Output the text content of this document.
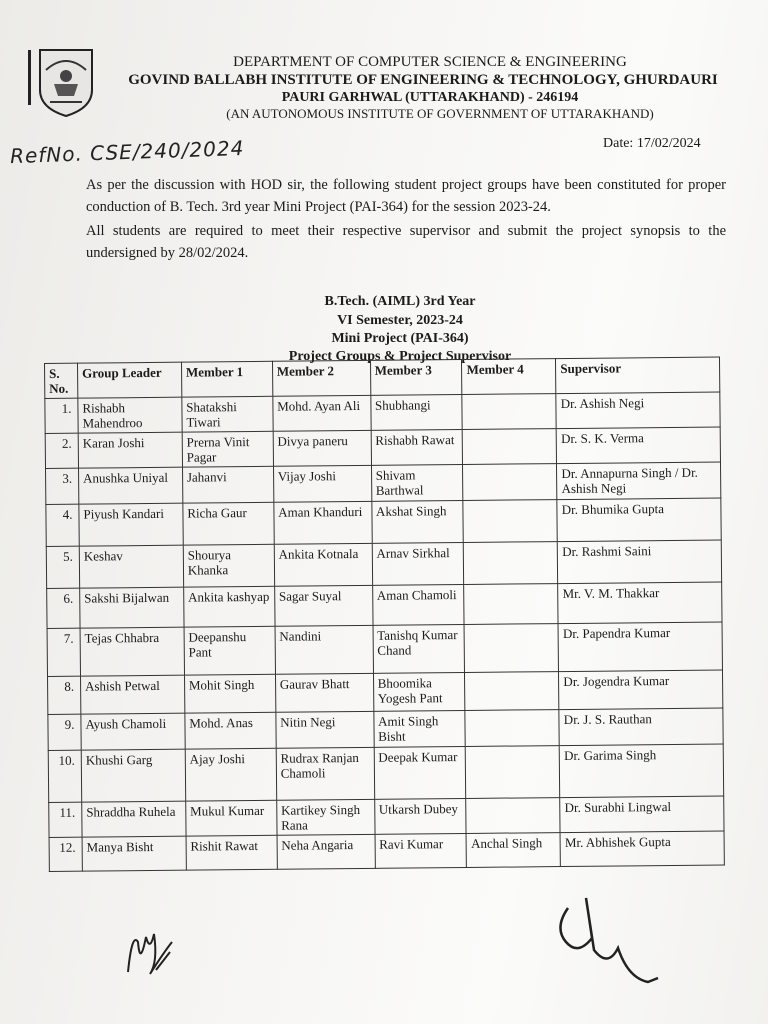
DEPARTMENT OF COMPUTER SCIENCE & ENGINEERING
GOVIND BALLABH INSTITUTE OF ENGINEERING & TECHNOLOGY, GHURDAURI
PAURI GARHWAL (UTTARAKHAND) - 246194
(AN AUTONOMOUS INSTITUTE OF GOVERNMENT OF UTTARAKHAND)
RefNo. CSE/240/2024	Date: 17/02/2024
As per the discussion with HOD sir, the following student project groups have been constituted for proper conduction of B. Tech. 3rd year Mini Project (PAI-364) for the session 2023-24.
All students are required to meet their respective supervisor and submit the project synopsis to the undersigned by 28/02/2024.
B.Tech. (AIML) 3rd Year
VI Semester, 2023-24
Mini Project (PAI-364)
Project Groups & Project Supervisor
S. No.	Group Leader	Member 1	Member 2	Member 3	Member 4	Supervisor
1.	Rishabh Mahendroo	Shatakshi Tiwari	Mohd. Ayan Ali	Shubhangi		Dr. Ashish Negi
2.	Karan Joshi	Prerna Vinit Pagar	Divya paneru	Rishabh Rawat		Dr. S. K. Verma
3.	Anushka Uniyal	Jahanvi	Vijay Joshi	Shivam Barthwal		Dr. Annapurna Singh / Dr. Ashish Negi
4.	Piyush Kandari	Richa Gaur	Aman Khanduri	Akshat Singh		Dr. Bhumika Gupta
5.	Keshav	Shourya Khanka	Ankita Kotnala	Arnav Sirkhal		Dr. Rashmi Saini
6.	Sakshi Bijalwan	Ankita kashyap	Sagar Suyal	Aman Chamoli		Mr. V. M. Thakkar
7.	Tejas Chhabra	Deepanshu Pant	Nandini	Tanishq Kumar Chand		Dr. Papendra Kumar
8.	Ashish Petwal	Mohit Singh	Gaurav Bhatt	Bhoomika Yogesh Pant		Dr. Jogendra Kumar
9.	Ayush Chamoli	Mohd. Anas	Nitin Negi	Amit Singh Bisht		Dr. J. S. Rauthan
10.	Khushi Garg	Ajay Joshi	Rudrax Ranjan Chamoli	Deepak Kumar		Dr. Garima Singh
11.	Shraddha Ruhela	Mukul Kumar	Kartikey Singh Rana	Utkarsh Dubey		Dr. Surabhi Lingwal
12.	Manya Bisht	Rishit Rawat	Neha Angaria	Ravi Kumar	Anchal Singh	Mr. Abhishek Gupta
